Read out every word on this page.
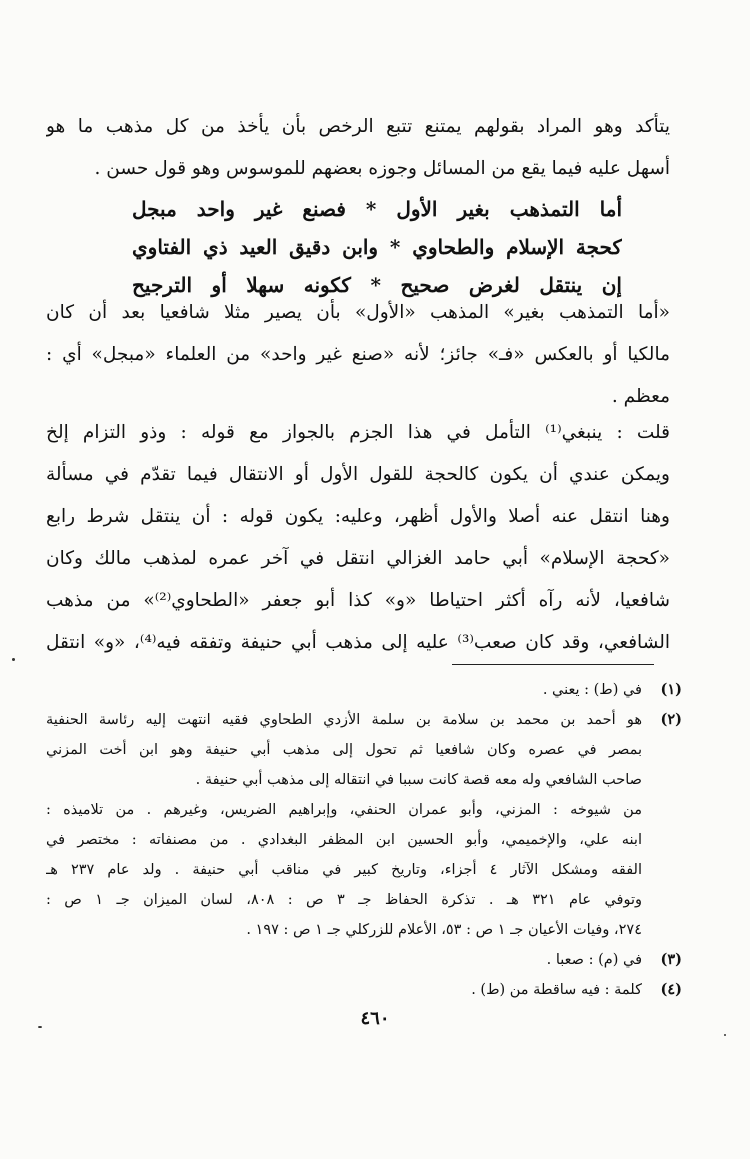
يتأكد وهو المراد بقولهم يمتنع تتبع الرخص بأن يأخذ من كل مذهب ما هو
أسهل عليه فيما يقع من المسائل وجوزه بعضهم للموسوس وهو قول حسن .
أما التمذهب بغير الأول * فصنع غير واحد مبجل
كحجة الإسلام والطحاوي * وابن دقيق العيد ذي الفتاوي
إن ينتقل لغرض صحيح * ككونه سهلا أو الترجيح
«أما التمذهب بغير» المذهب «الأول» بأن يصير مثلا شافعيا بعد أن كان
مالكيا أو بالعكس «فـ» جائز؛ لأنه «صنع غير واحد» من العلماء «مبجل» أي :
معظم .
قلت : ينبغي⁽¹⁾ التأمل في هذا الجزم بالجواز مع قوله : وذو التزام إلخ
ويمكن عندي أن يكون كالحجة للقول الأول أو الانتقال فيما تقدّم في مسألة
وهنا انتقل عنه أصلا والأول أظهر، وعليه: يكون قوله : أن ينتقل شرط رابع
«كحجة الإسلام» أبي حامد الغزالي انتقل في آخر عمره لمذهب مالك وكان
شافعيا، لأنه رآه أكثر احتياطا «و» كذا أبو جعفر «الطحاوي⁽²⁾» من مذهب
الشافعي، وقد كان صعب⁽³⁾ عليه إلى مذهب أبي حنيفة وتفقه فيه⁽⁴⁾، «و» انتقل
(١)
في (ط) : يعني .
(٢)
هو أحمد بن محمد بن سلامة بن سلمة الأزدي الطحاوي فقيه انتهت إليه رئاسة الحنفية
بمصر في عصره وكان شافعيا ثم تحول إلى مذهب أبي حنيفة وهو ابن أخت المزني
صاحب الشافعي وله معه قصة كانت سببا في انتقاله إلى مذهب أبي حنيفة .
من شيوخه : المزني، وأبو عمران الحنفي، وإبراهيم الضريس، وغيرهم . من تلاميذه :
ابنه علي، والإخميمي، وأبو الحسين ابن المظفر البغدادي . من مصنفاته : مختصر في
الفقه ومشكل الآثار ٤ أجزاء، وتاريخ كبير في مناقب أبي حنيفة . ولد عام ٢٣٧ هـ
وتوفي عام ٣٢١ هـ . تذكرة الحفاظ جـ ٣ ص : ٨٠٨، لسان الميزان جـ ١ ص :
٢٧٤، وفيات الأعيان جـ ١ ص : ٥٣، الأعلام للزركلي جـ ١ ص : ١٩٧ .
(٣)
في (م) : صعبا .
(٤)
كلمة : فيه ساقطة من (ط) .
٤٦٠
